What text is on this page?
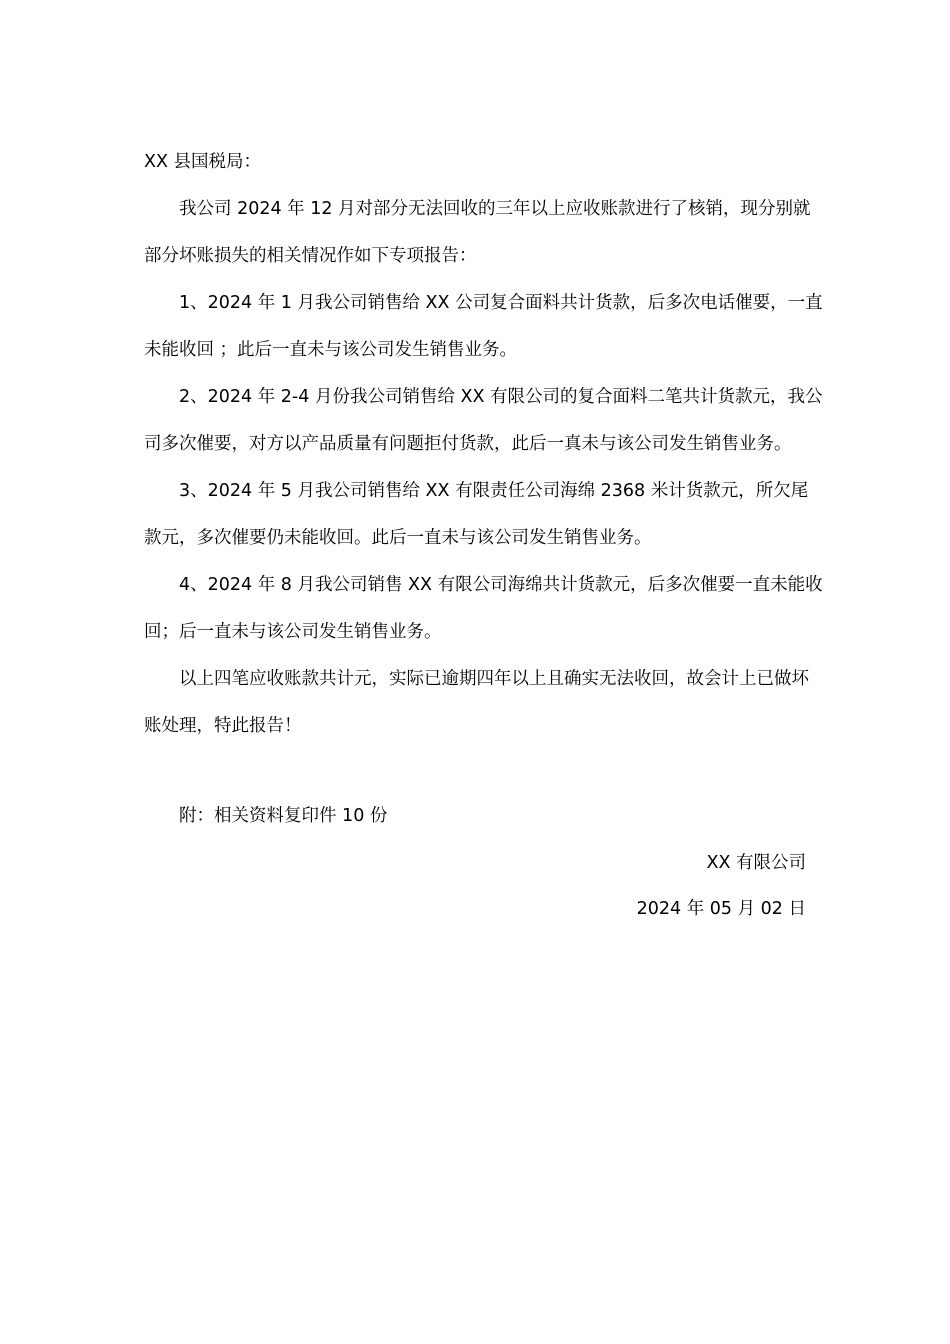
XX 县国税局：

我公司 2024 年 12 月对部分无法回收的三年以上应收账款进行了核销，现分别就部分坏账损失的相关情况作如下专项报告：

1、2024 年 1 月我公司销售给 XX 公司复合面料共计货款，后多次电话催要，一直未能收回 ；此后一直未与该公司发生销售业务。

2、2024 年 2-4 月份我公司销售给 XX 有限公司的复合面料二笔共计货款元，我公司多次催要，对方以产品质量有问题拒付货款，此后一真未与该公司发生销售业务。

3、2024 年 5 月我公司销售给 XX 有限责任公司海绵 2368 米计货款元，所欠尾款元，多次催要仍未能收回。此后一直未与该公司发生销售业务。

4、2024 年 8 月我公司销售 XX 有限公司海绵共计货款元，后多次催要一直未能收回；后一直未与该公司发生销售业务。

以上四笔应收账款共计元，实际已逾期四年以上且确实无法收回，故会计上已做坏账处理，特此报告！

附：相关资料复印件 10 份
XX 有限公司
2024 年 05 月 02 日
